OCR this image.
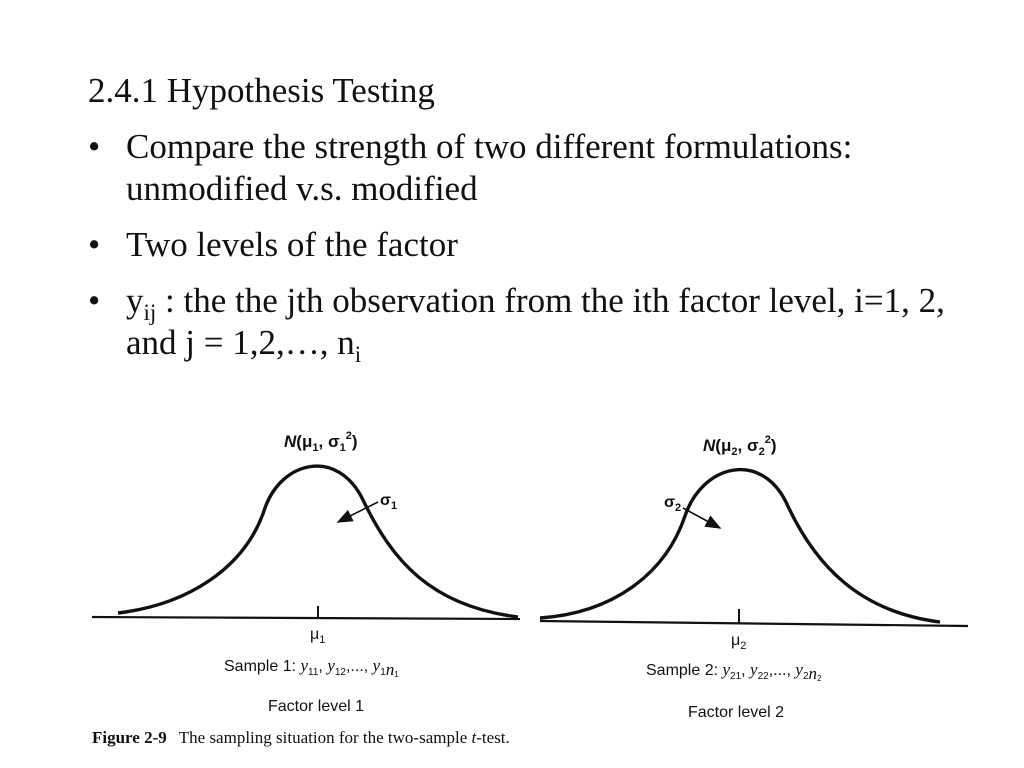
2.4.1 Hypothesis Testing
• Compare the strength of two different formulations: unmodified v.s. modified
• Two levels of the factor
• $y_{ij}$ : the the jth observation from the ith factor level, i=1, 2, and j = 1,2,…, $n_i$
$N(\mu_1$, $\sigma_1^2$)
$\sigma_1$
$\mu_1$
Sample 1: $y_{11}$, $y_{12}$,..., $y_{1n_1}$
Factor level 1
$N(\mu_2$, $\sigma_2^2$)
$\sigma_2$
$\mu_2$
Sample 2: $y_{21}$, $y_{22}$,..., $y_{2n_2}$
Factor level 2
Figure 2-9 The sampling situation for the two-sample t-test.
